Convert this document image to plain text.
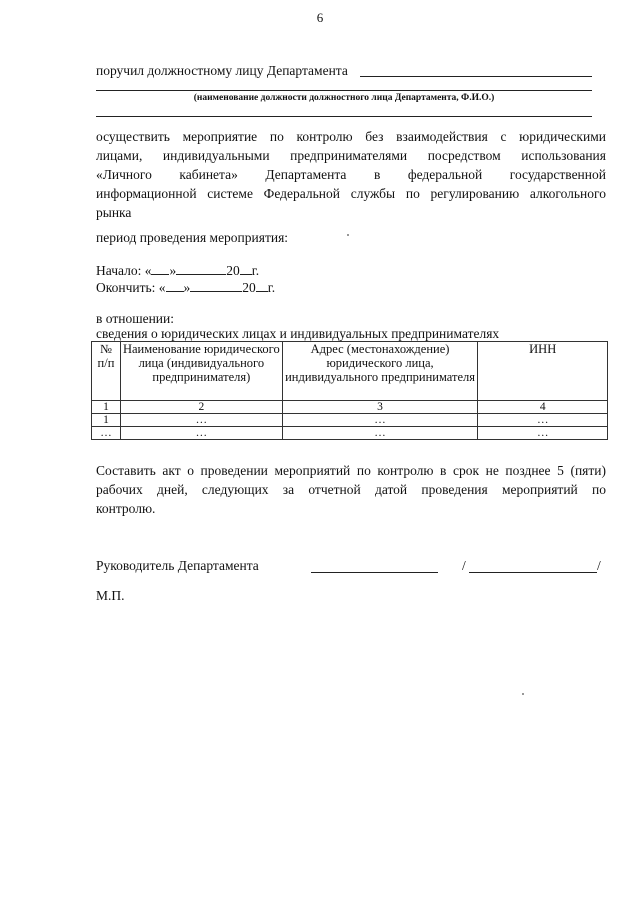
6
поручил должностному лицу Департамента
(наименование должности должностного лица Департамента, Ф.И.О.)

осуществить мероприятие по контролю без взаимодействия с юридическими

лицами, индивидуальными предпринимателями посредством использования

«Личного кабинета» Департамента в федеральной государственной

информационной системе Федеральной службы по регулированию алкогольного

рынка

период проведения мероприятия:
Начало: « »	20 г.
Окончить: « »	20 г.
в отношении:
сведения о юридических лицах и индивидуальных предпринимателях
№ п/п	Наименование юридического лица (индивидуального предпринимателя)	Адрес (местонахождение) юридического лица, индивидуального предпринимателя	ИНН
1	2	3	4
1	…	…	…
…	…	…	…

Составить акт о проведении мероприятий по контролю в срок не позднее 5 (пяти)

рабочих дней, следующих за отчетной датой проведения мероприятий по

контролю.

Руководитель Департамента	/	/
М.П.
